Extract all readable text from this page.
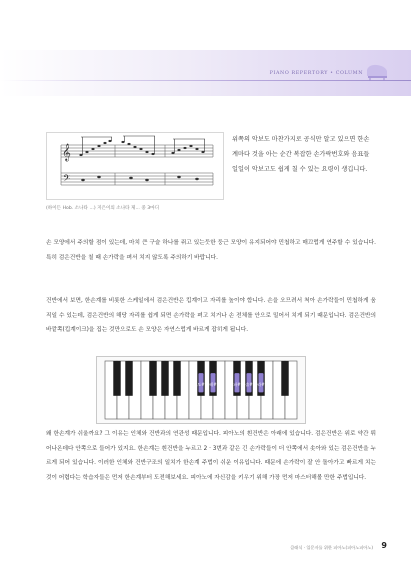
PIANO REPERTORY • COLUMN
𝄞
𝄢
(하이든 Hob. 소나타 ...) 지은이의 소나타 제... 중 3마디
위쪽의 악보도 마찬가지로 공식만 알고 있으면 한손계마다 것을 아는 순간 복잡한 손가락번호와 음표들 일일이 악보고도 쉽게 칠 수 있는 요령이 생깁니다.

손 모양에서 주의할 점이 있는데, 마치 큰 구슬 하나를 쥐고 있는듯한 둥근 모양이 유지되어야 민첩하고 매끄럽게 연주할 수 있습니다. 특히 검은건반을 칠 때 손가락을 펴서 치지 않도록 주의하기 바랍니다.

건반에서 보면, 한손계를 비롯한 스케일에서 검은건반은 킵계이고 자리를 높이야 합니다. 손을 오므려서 척아 손가락들이 민첩하게 움직일 수 있는데, 검은건반의 해당 자리를 쉽게 되면 손가락을 펴고 치거나 손 전체를 안으로 밀어서 치게 되기 때문입니다. 검은건반의 바깥쪽(킵계이크)을 집는 것만으로도 손 모양은 자연스럽게 바르게 잡히게 됩니다.

도# 레#	파# 솔# 라#

왜 한손계가 쉬울까요? 그 이유는 인체와 건반과의 연관성 때문입니다. 피아노의 흰건반은 아래에 있습니다. 검은건반은 위로 약간 튀어나온데다 안쪽으로 들어가 있지요. 한손계는 흰건반을 누르고 2 · 3번과 같은 긴 손가락들이 더 안쪽에서 솟아와 있는 검은건반을 누르게 되어 있습니다. 이러한 인체와 건반구조의 일치가 한손계 주법이 쉬운 이유입니다. 때문에 손가락이 잘 안 돌아가고 빠르게 치는 것이 어렵다는 학습자들은 먼저 한손계부터 도전해보세요. 피아노에 자신감을 키우기 위해 가장 먼저 마스터해볼 만한 주법입니다.

클래식 · 입문자를 위한 피아노(피아노피아노) 9
